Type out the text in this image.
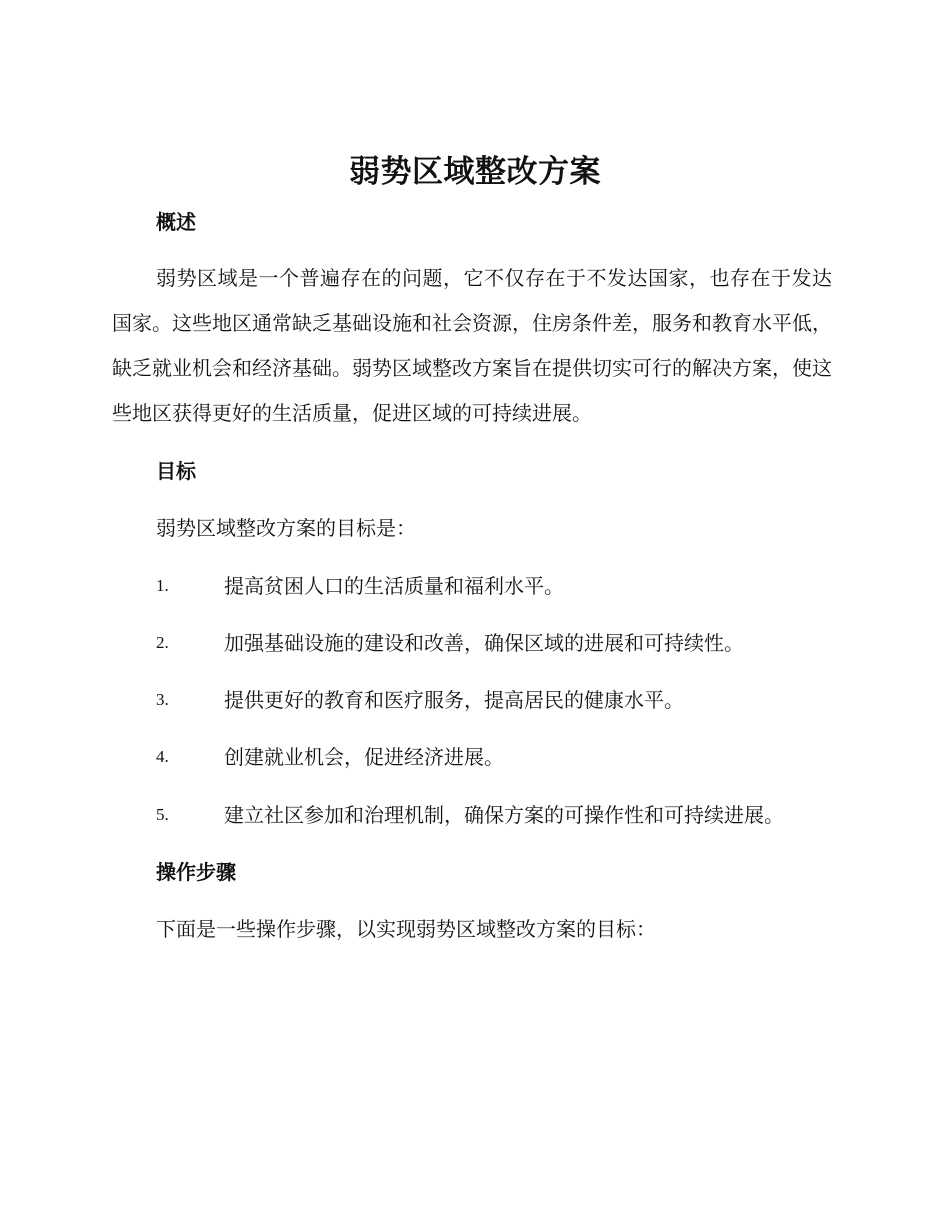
弱势区域整改方案
概述
弱势区域是一个普遍存在的问题，它不仅存在于不发达国家，也存在于发达国家。这些地区通常缺乏基础设施和社会资源，住房条件差，服务和教育水平低，缺乏就业机会和经济基础。弱势区域整改方案旨在提供切实可行的解决方案，使这些地区获得更好的生活质量，促进区域的可持续进展。
目标
弱势区域整改方案的目标是：
1.	提高贫困人口的生活质量和福利水平。
2.	加强基础设施的建设和改善，确保区域的进展和可持续性。
3.	提供更好的教育和医疗服务，提高居民的健康水平。
4.	创建就业机会，促进经济进展。
5.	建立社区参加和治理机制，确保方案的可操作性和可持续进展。
操作步骤
下面是一些操作步骤，以实现弱势区域整改方案的目标：
